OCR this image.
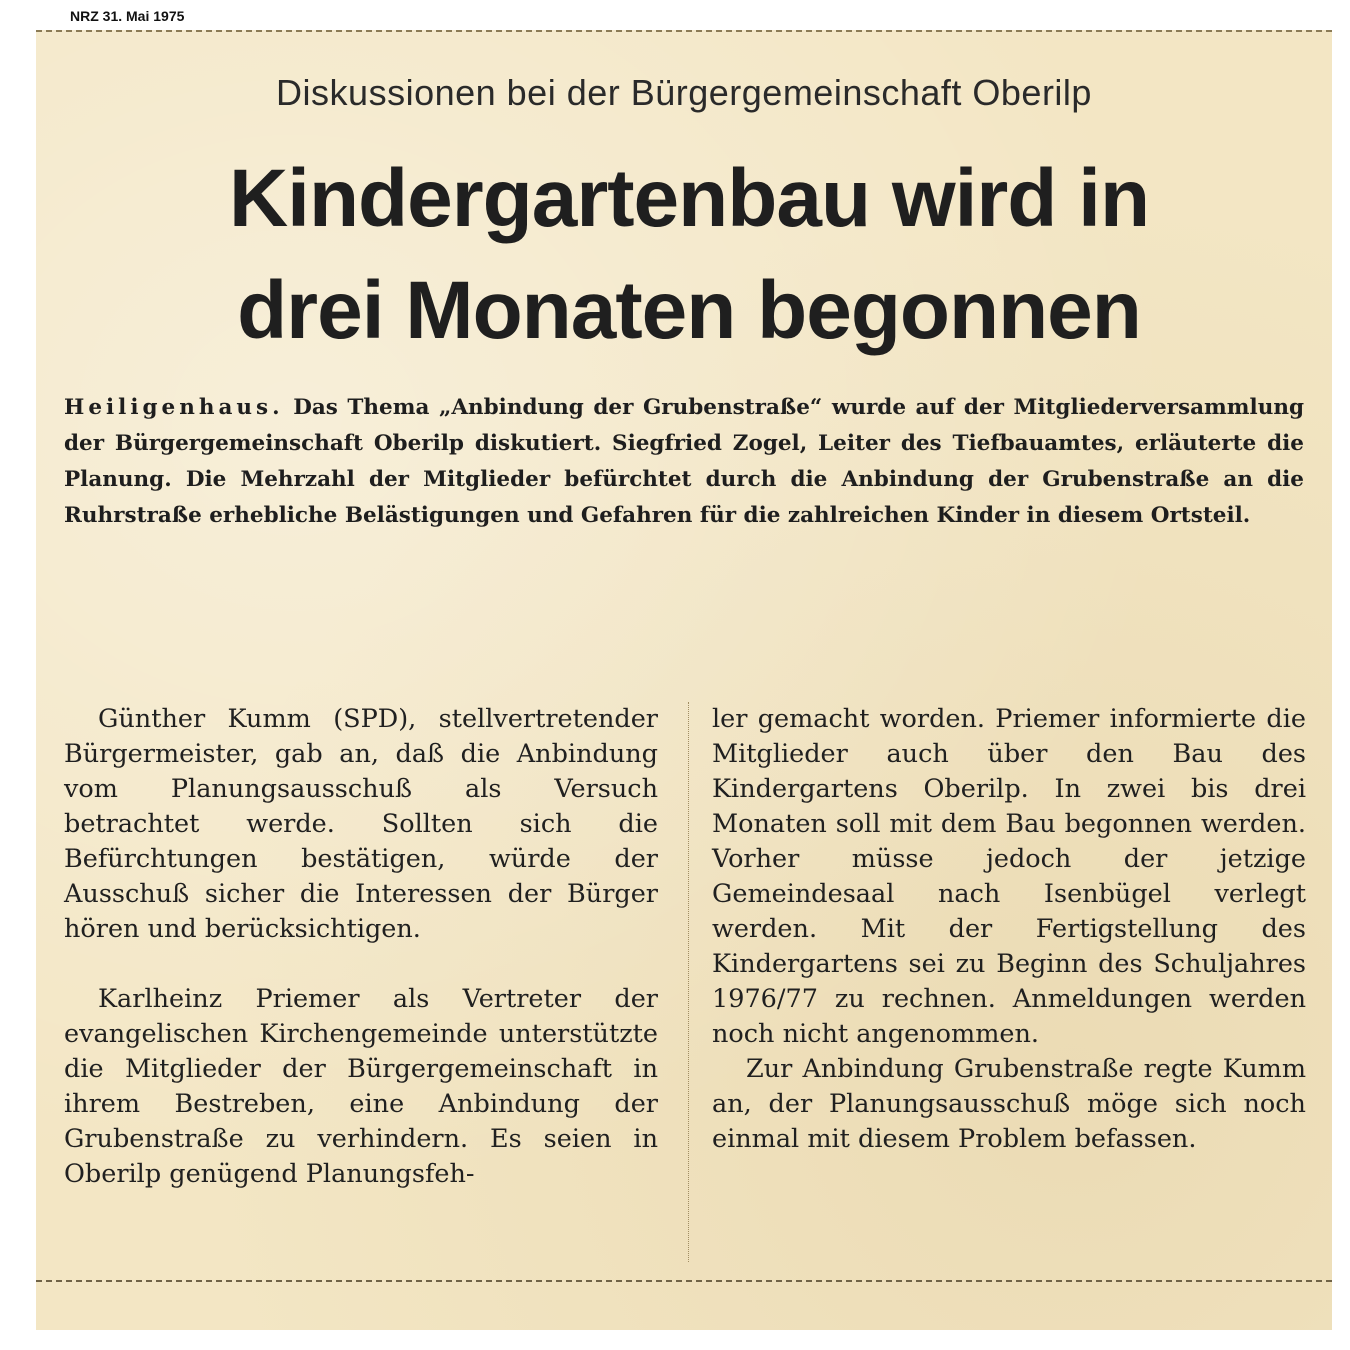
NRZ 31. Mai 1975
Diskussionen bei der Bürgergemeinschaft Oberilp
Kindergartenbau wird in
drei Monaten begonnen
Heiligenhaus. Das Thema „Anbindung der Grubenstraße“ wurde auf der Mitgliederversammlung der Bürgergemeinschaft Oberilp diskutiert. Siegfried Zogel, Leiter des Tiefbauamtes, erläuterte die Planung. Die Mehrzahl der Mitglieder befürchtet durch die Anbindung der Grubenstraße an die Ruhrstraße erhebliche Belästigungen und Gefahren für die zahlreichen Kinder in diesem Ortsteil.

Günther Kumm (SPD), stellvertretender Bürgermeister, gab an, daß die Anbindung vom Planungsausschuß als Versuch betrachtet werde. Sollten sich die Befürchtungen bestätigen, würde der Ausschuß sicher die Interessen der Bürger hören und berücksichtigen.

Karlheinz Priemer als Vertreter der evangelischen Kirchengemeinde unterstützte die Mitglieder der Bürgergemeinschaft in ihrem Bestreben, eine Anbindung der Grubenstraße zu verhindern. Es seien in Oberilp genügend Planungsfeh-

ler gemacht worden. Priemer informierte die Mitglieder auch über den Bau des Kindergartens Oberilp. In zwei bis drei Monaten soll mit dem Bau begonnen werden. Vorher müsse jedoch der jetzige Gemeindesaal nach Isenbügel verlegt werden. Mit der Fertigstellung des Kindergartens sei zu Beginn des Schuljahres 1976/77 zu rechnen. Anmeldungen werden noch nicht angenommen.

Zur Anbindung Grubenstraße regte Kumm an, der Planungsausschuß möge sich noch einmal mit diesem Problem befassen.
